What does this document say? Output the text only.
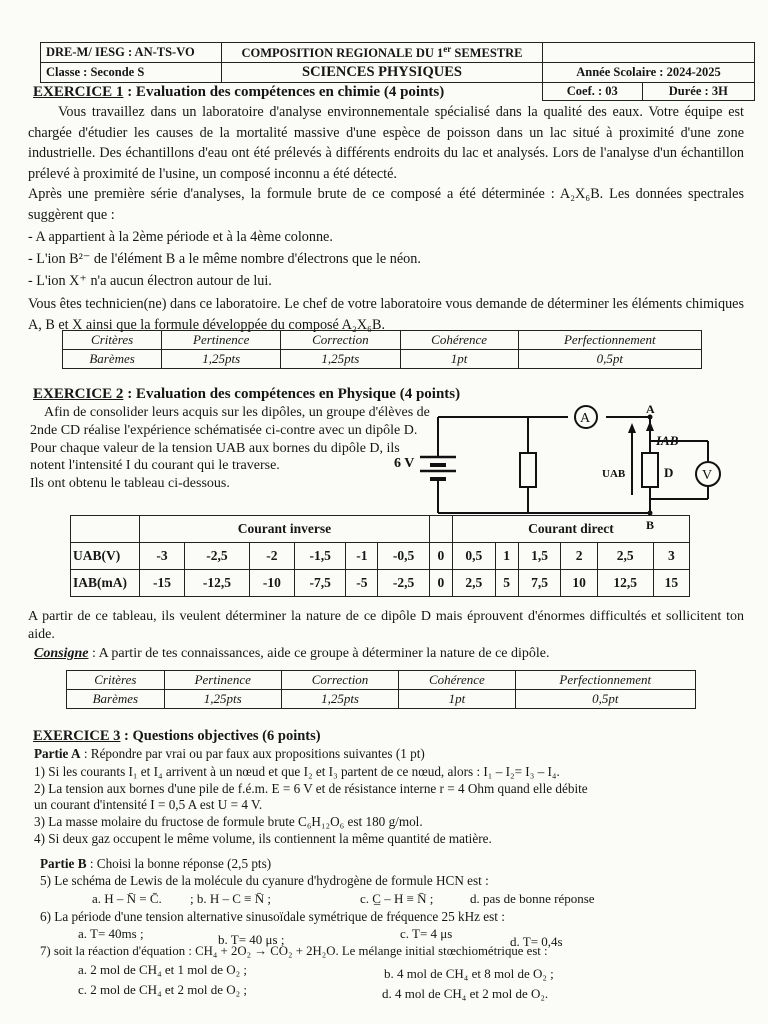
DRE-M/ IESG : AN-TS-VO	COMPOSITION REGIONALE DU 1er SEMESTRE		
Classe : Seconde S	SCIENCES PHYSIQUES	Année Scolaire : 2024-2025	
		Coef. : 03	Durée : 3H
EXERCICE 1 : Evaluation des compétences en chimie (4 points)
Vous travaillez dans un laboratoire d'analyse environnementale spécialisé dans la qualité des eaux. Votre équipe est chargée d'étudier les causes de la mortalité massive d'une espèce de poisson dans un lac situé à proximité d'une zone industrielle. Des échantillons d'eau ont été prélevés à différents endroits du lac et analysés. Lors de l'analyse d'un échantillon prélevé à proximité de l'usine, un composé inconnu a été détecté.
Après une première série d'analyses, la formule brute de ce composé a été déterminée : A₂X₆B. Les données spectrales suggèrent que :
- A appartient à la 2ème période et à la 4ème colonne.
- L'ion B²⁻ de l'élément B a le même nombre d'électrons que le néon.
- L'ion X⁺ n'a aucun électron autour de lui.
Vous êtes technicien(ne) dans ce laboratoire. Le chef de votre laboratoire vous demande de déterminer les éléments chimiques A, B et X ainsi que la formule développée du composé A₂X₆B.
Critères	Pertinence	Correction	Cohérence	Perfectionnement
Barèmes	1,25pts	1,25pts	1pt	0,5pt
EXERCICE 2 : Evaluation des compétences en Physique (4 points)
Afin de consolider leurs acquis sur les dipôles, un groupe d'élèves de 2nde CD réalise l'expérience schématisée ci-contre avec un dipôle D. Pour chaque valeur de la tension UAB aux bornes du dipôle D, ils notent l'intensité I du courant qui le traverse.
Ils ont obtenu le tableau ci-dessous.
6 V
A
V
D
A
B
IAB
UAB
	Courant inverse							Courant direct					
UAB(V)	-3	-2,5	-2	-1,5	-1	-0,5	0	0,5	1	1,5	2	2,5	3
IAB(mA)	-15	-12,5	-10	-7,5	-5	-2,5	0	2,5	5	7,5	10	12,5	15
A partir de ce tableau, ils veulent déterminer la nature de ce dipôle D mais éprouvent d'énormes difficultés et sollicitent ton aide.
Consigne : A partir de tes connaissances, aide ce groupe à déterminer la nature de ce dipôle.
Critères	Pertinence	Correction	Cohérence	Perfectionnement
Barèmes	1,25pts	1,25pts	1pt	0,5pt
EXERCICE 3 : Questions objectives (6 points)
Partie A : Répondre par vrai ou par faux aux propositions suivantes (1 pt)
1) Si les courants I₁ et I₄ arrivent à un nœud et que I₂ et I₃ partent de ce nœud, alors : I₁ – I₂= I₃ – I₄.
2) La tension aux bornes d'une pile de f.é.m. E = 6 V et de résistance interne r = 4 Ohm quand elle débite
un courant d'intensité I = 0,5 A est U = 4 V.
3) La masse molaire du fructose de formule brute C₆H₁₂O₆ est 180 g/mol.
4) Si deux gaz occupent le même volume, ils contiennent la même quantité de matière.
Partie B : Choisi la bonne réponse (2,5 pts)
5) Le schéma de Lewis de la molécule du cyanure d'hydrogène de formule HCN est :
a. H – N̄ = C̄. ; b. H – C ≡ N̄ ;	c. C̲ – H ≡ N̄ ;	d. pas de bonne réponse
6) La période d'une tension alternative sinusoïdale symétrique de fréquence 25 kHz est :
a. T= 40ms ;	b. T= 40 μs ;	c. T= 4 μs
d. T= 0,4s
7) soit la réaction d'équation : CH₄ + 2O₂ → CO₂ + 2H₂O. Le mélange initial stœchiométrique est :
a. 2 mol de CH₄ et 1 mol de O₂ ;	b. 4 mol de CH₄ et 8 mol de O₂ ;
c. 2 mol de CH₄ et 2 mol de O₂ ;	d. 4 mol de CH₄ et 2 mol de O₂.
